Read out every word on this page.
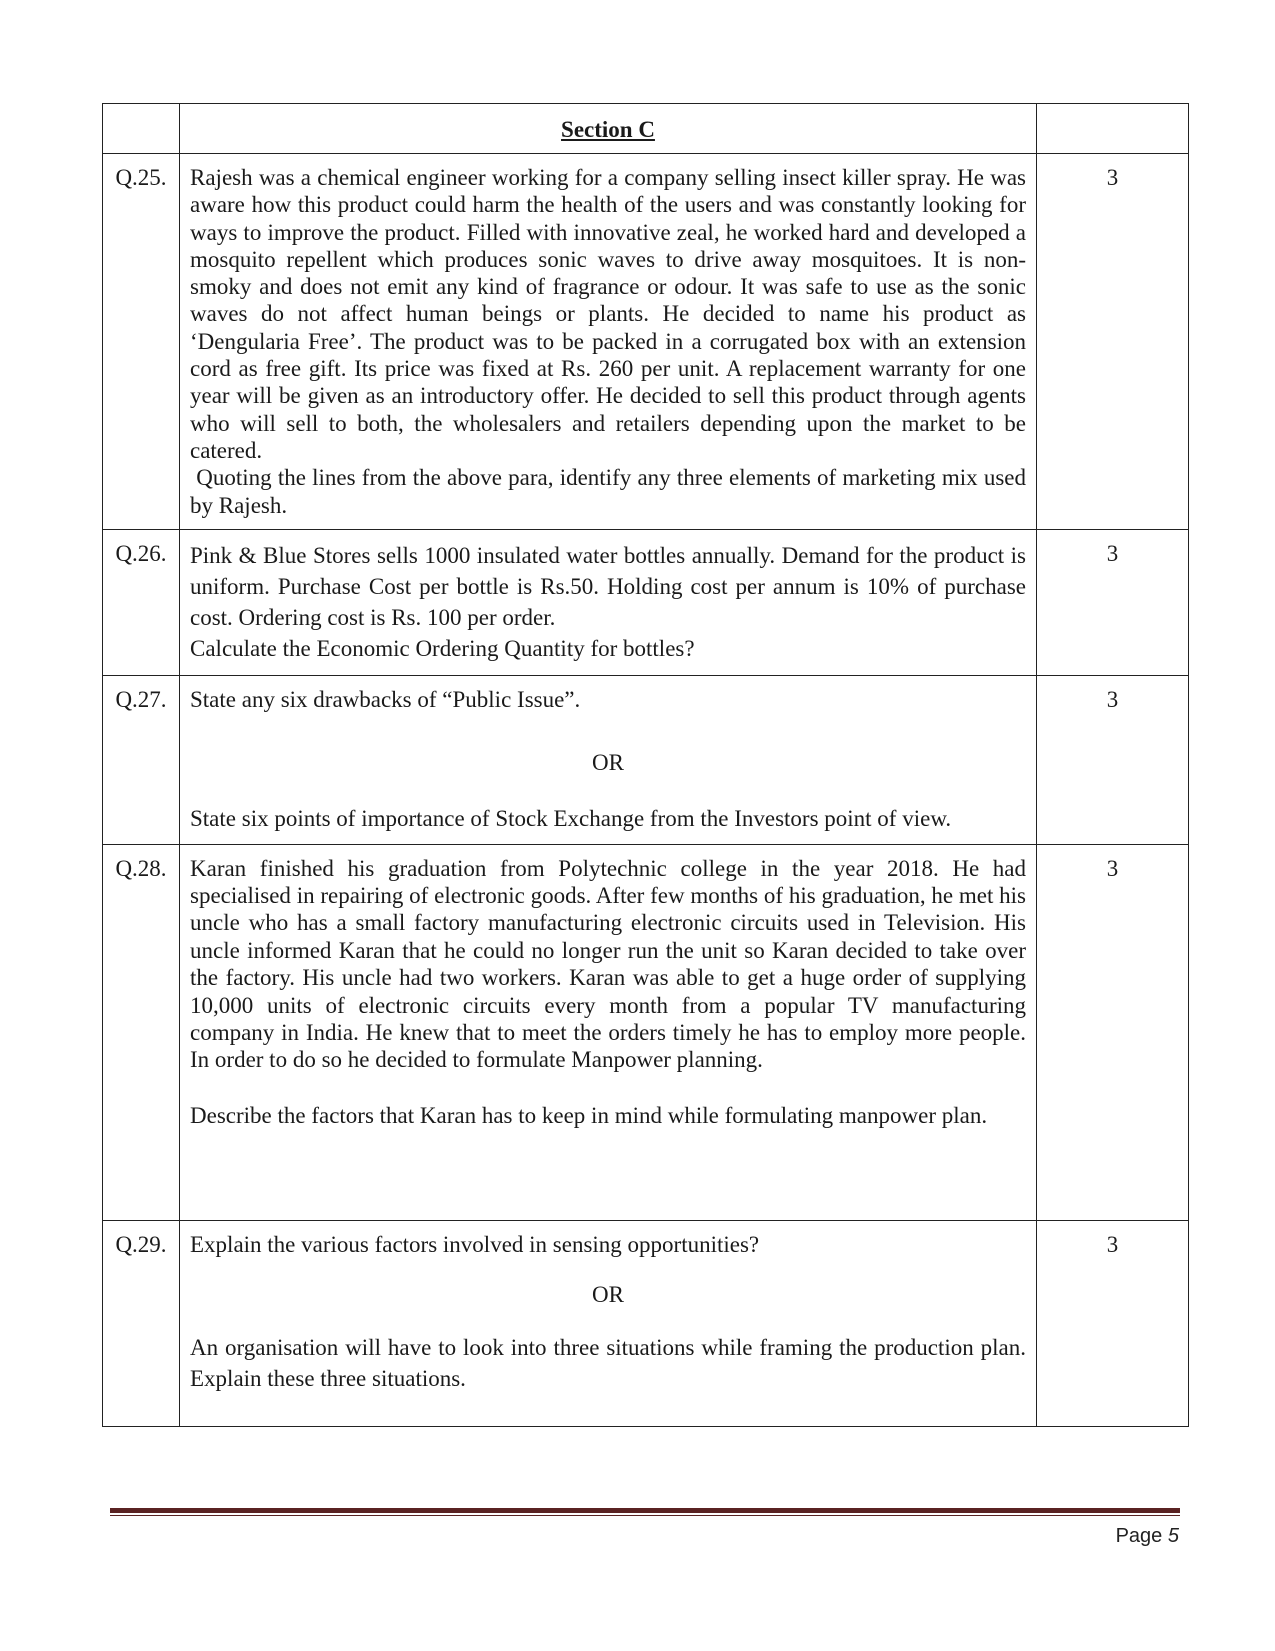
	Section C	
Q.25.	Rajesh was a chemical engineer working for a company selling insect killer spray. He was aware how this product could harm the health of the users and was constantly looking for ways to improve the product. Filled with innovative zeal, he worked hard and developed a mosquito repellent which produces sonic waves to drive away mosquitoes. It is non-smoky and does not emit any kind of fragrance or odour. It was safe to use as the sonic waves do not affect human beings or plants. He decided to name his product as ‘Dengularia Free’. The product was to be packed in a corrugated box with an extension cord as free gift. Its price was fixed at Rs. 260 per unit. A replacement warranty for one year will be given as an introductory offer. He decided to sell this product through agents who will sell to both, the wholesalers and retailers depending upon the market to be catered.

Quoting the lines from the above para, identify any three elements of marketing mix used by Rajesh.	3
Q.26.	Pink & Blue Stores sells 1000 insulated water bottles annually. Demand for the product is uniform. Purchase Cost per bottle is Rs.50. Holding cost per annum is 10% of purchase cost. Ordering cost is Rs. 100 per order.

Calculate the Economic Ordering Quantity for bottles?	3
Q.27.	State any six drawbacks of “Public Issue”.

OR

State six points of importance of Stock Exchange from the Investors point of view.	3
Q.28.	Karan finished his graduation from Polytechnic college in the year 2018. He had specialised in repairing of electronic goods. After few months of his graduation, he met his uncle who has a small factory manufacturing electronic circuits used in Television. His uncle informed Karan that he could no longer run the unit so Karan decided to take over the factory. His uncle had two workers. Karan was able to get a huge order of supplying 10,000 units of electronic circuits every month from a popular TV manufacturing company in India. He knew that to meet the orders timely he has to employ more people. In order to do so he decided to formulate Manpower planning.

Describe the factors that Karan has to keep in mind while formulating manpower plan.	3
Q.29.	Explain the various factors involved in sensing opportunities?

OR

An organisation will have to look into three situations while framing the production plan. Explain these three situations.	3
Page 5
